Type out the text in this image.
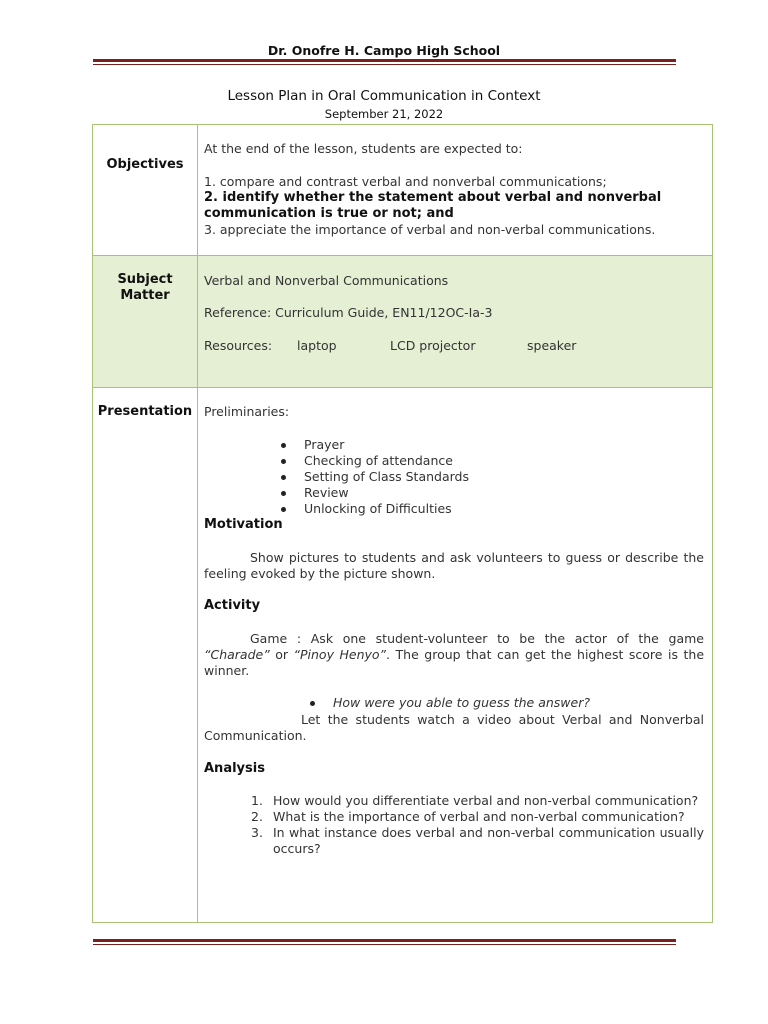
Dr. Onofre H. Campo High School
Lesson Plan in Oral Communication in Context
September 21, 2022
Objectives
At the end of the lesson, students are expected to:
1. compare and contrast verbal and nonverbal communications;
2. identify whether the statement about verbal and nonverbal
communication is true or not; and
3. appreciate the importance of verbal and non-verbal communications.
Subject
Matter
Verbal and Nonverbal Communications
Reference: Curriculum Guide, EN11/12OC-Ia-3
Resources: laptop	LCD projector	speaker
Presentation Preliminaries:
Prayer
Checking of attendance
Setting of Class Standards
Review
Unlocking of Difficulties
Motivation
Show pictures to students and ask volunteers to guess or describe the
feeling evoked by the picture shown.
Activity
Game : Ask one student-volunteer to be the actor of the game
“Charade” or “Pinoy Henyo”. The group that can get the highest score is the
winner.
How were you able to guess the answer?
Let the students watch a video about Verbal and Nonverbal
Communication.
Analysis
1. How would you differentiate verbal and non-verbal communication?
2. What is the importance of verbal and non-verbal communication?
3. In what instance does verbal and non-verbal communication usually
occurs?
